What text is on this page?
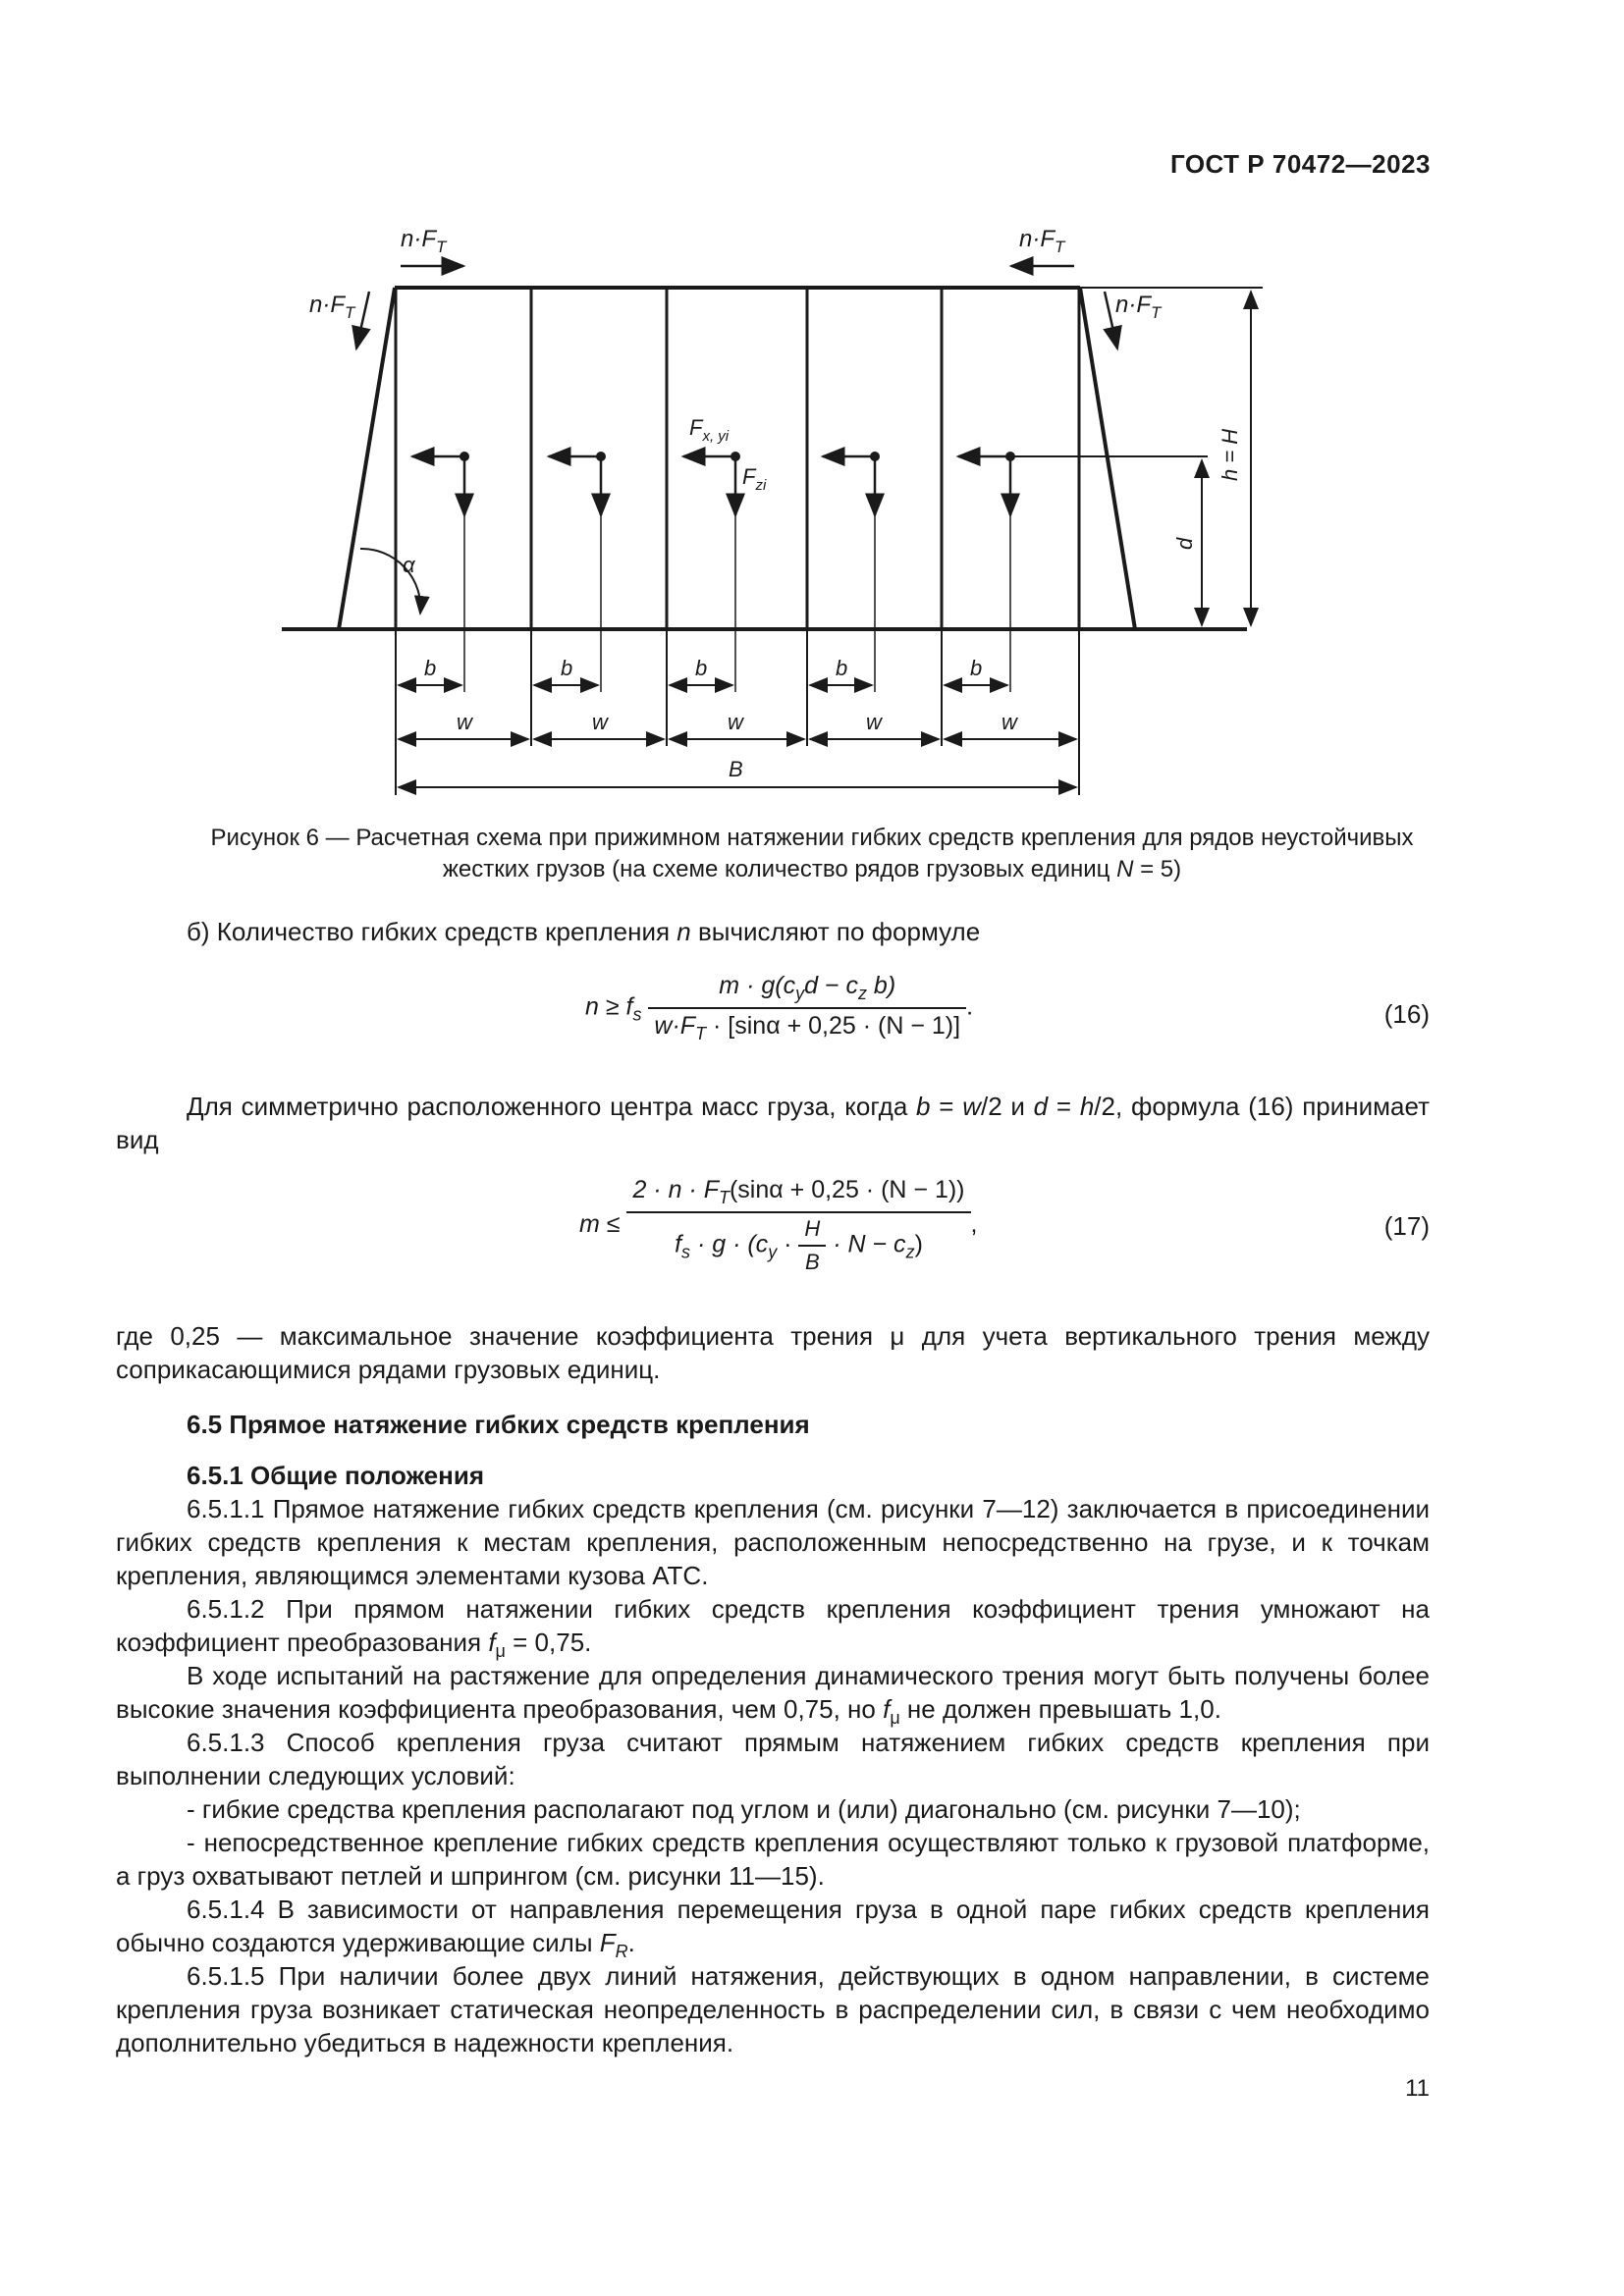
ГОСТ Р 70472—2023
$n\cdot F_T$	$n\cdot F_T$
$n\cdot F_T$	$n\cdot F_T$
$F_{x, yi}$
$F_{zi}$
α
d
h = H
b	b	b	b	b
w	w	w	w	w
B
Рисунок 6 — Расчетная схема при прижимном натяжении гибких средств крепления для рядов неустойчивых
жестких грузов (на схеме количество рядов грузовых единиц N = 5)
б) Количество гибких средств крепления n вычисляют по формуле
$n \ge f_s \frac{m \cdot g(c_yd - c_z b)}{w\cdot F_T \cdot [\sin\alpha + 0,25 \cdot (N - 1)]}$ .	(16)
Для симметрично расположенного центра масс груза, когда b = w/2 и d = h/2, формула (16) принимает вид
$m \le \frac{2 \cdot n \cdot F_T(\sin\alpha + 0,25 \cdot (N - 1))}{f_s \cdot g \cdot (c_y \cdot \frac{H}{B} \cdot N - c_z)}$ ,	(17)
где 0,25 — максимальное значение коэффициента трения μ для учета вертикального трения между соприкасающимися рядами грузовых единиц.
6.5 Прямое натяжение гибких средств крепления
6.5.1 Общие положения
6.5.1.1 Прямое натяжение гибких средств крепления (см. рисунки 7—12) заключается в присоединении гибких средств крепления к местам крепления, расположенным непосредственно на грузе, и к точкам крепления, являющимся элементами кузова АТС.
6.5.1.2 При прямом натяжении гибких средств крепления коэффициент трения умножают на коэффициент преобразования $f_\mu = 0,75$.
В ходе испытаний на растяжение для определения динамического трения могут быть получены более высокие значения коэффициента преобразования, чем 0,75, но $f_\mu$ не должен превышать 1,0.
6.5.1.3 Способ крепления груза считают прямым натяжением гибких средств крепления при выполнении следующих условий:
- гибкие средства крепления располагают под углом и (или) диагонально (см. рисунки 7—10);
- непосредственное крепление гибких средств крепления осуществляют только к грузовой платформе, а груз охватывают петлей и шпрингом (см. рисунки 11—15).
6.5.1.4 В зависимости от направления перемещения груза в одной паре гибких средств крепления обычно создаются удерживающие силы $F_R$.
6.5.1.5 При наличии более двух линий натяжения, действующих в одном направлении, в системе крепления груза возникает статическая неопределенность в распределении сил, в связи с чем необходимо дополнительно убедиться в надежности крепления.
11
